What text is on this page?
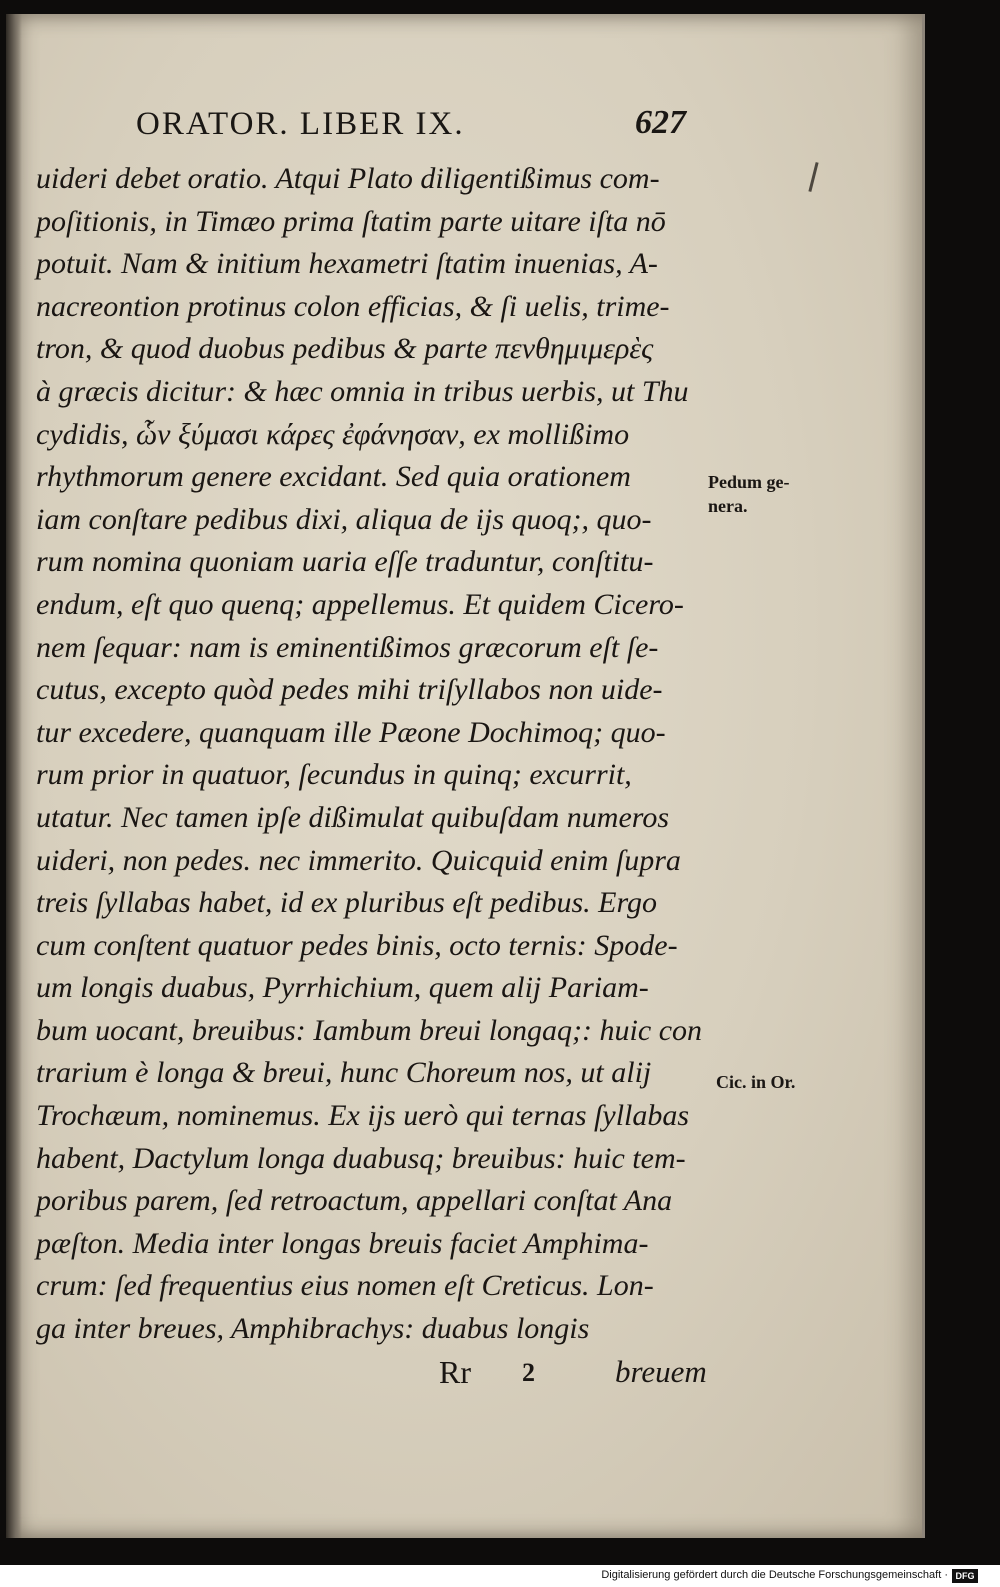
ORATOR. LIBER IX.	627
uideri debet oratio. Atqui Plato diligentißimus com-
poſitionis, in Timæo prima ſtatim parte uitare iſta nō
potuit. Nam & initium hexametri ſtatim inuenias, A-
nacreontion protinus colon efficias, & ſi uelis, trime-
tron, & quod duobus pedibus & parte πενθημιμερὲς
à græcis dicitur: & hæc omnia in tribus uerbis, ut Thu
cydidis, ὧν ξύμασι κάρες ἐφάνησαν, ex mollißimo
rhythmorum genere excidant. Sed quia orationem
iam conſtare pedibus dixi, aliqua de ijs quoq;, quo-
rum nomina quoniam uaria eſſe traduntur, conſtitu-
endum, eſt quo quenq; appellemus. Et quidem Cicero-
nem ſequar: nam is eminentißimos græcorum eſt ſe-
cutus, excepto quòd pedes mihi triſyllabos non uide-
tur excedere, quanquam ille Pæone Dochimoq; quo-
rum prior in quatuor, ſecundus in quinq; excurrit,
utatur. Nec tamen ipſe dißimulat quibuſdam numeros
uideri, non pedes. nec immerito. Quicquid enim ſupra
treis ſyllabas habet, id ex pluribus eſt pedibus. Ergo
cum conſtent quatuor pedes binis, octo ternis: Spode-
um longis duabus, Pyrrhichium, quem alij Pariam-
bum uocant, breuibus: Iambum breui longaq;: huic con
trarium è longa & breui, hunc Choreum nos, ut alij
Trochæum, nominemus. Ex ijs uerò qui ternas ſyllabas
habent, Dactylum longa duabusq; breuibus: huic tem-
poribus parem, ſed retroactum, appellari conſtat Ana
pæſton. Media inter longas breuis faciet Amphima-
crum: ſed frequentius eius nomen eſt Creticus. Lon-
ga inter breues, Amphibrachys: duabus longis
Pedum ge-
nera.
Cic. in Or.
Rr 2	breuem
Digitalisierung gefördert durch die Deutsche Forschungsgemeinschaft · DFG
